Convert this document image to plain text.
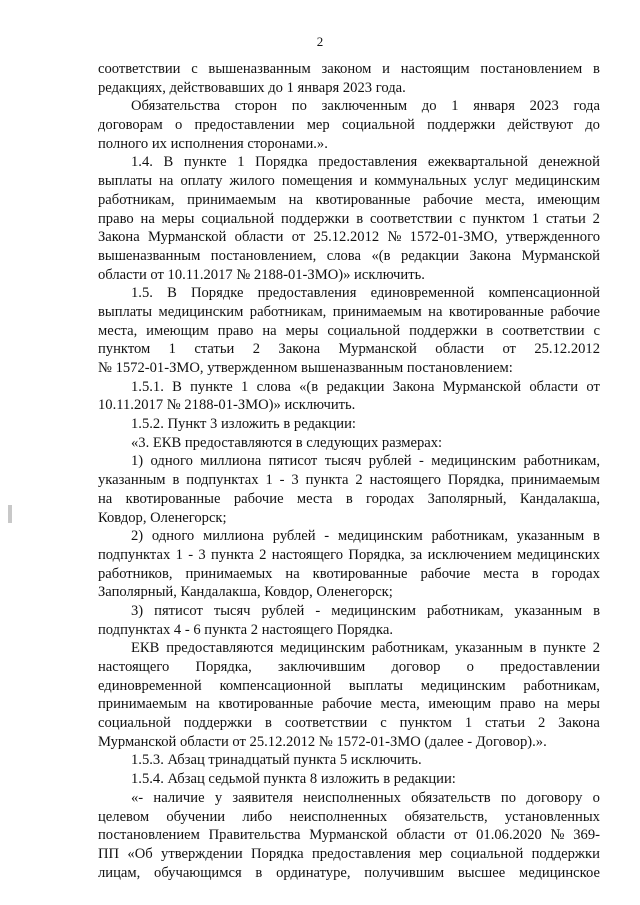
2
соответствии с вышеназванным законом и настоящим постановлением в
редакциях, действовавших до 1 января 2023 года.
Обязательства сторон по заключенным до 1 января 2023 года
договорам о предоставлении мер социальной поддержки действуют до
полного их исполнения сторонами.».
1.4. В пункте 1 Порядка предоставления ежеквартальной денежной
выплаты на оплату жилого помещения и коммунальных услуг медицинским
работникам, принимаемым на квотированные рабочие места, имеющим
право на меры социальной поддержки в соответствии с пунктом 1 статьи 2
Закона Мурманской области от 25.12.2012 № 1572-01-ЗМО, утвержденного
вышеназванным постановлением, слова «(в редакции Закона Мурманской
области от 10.11.2017 № 2188-01-ЗМО)» исключить.
1.5. В Порядке предоставления единовременной компенсационной
выплаты медицинским работникам, принимаемым на квотированные рабочие
места, имеющим право на меры социальной поддержки в соответствии с
пунктом 1 статьи 2 Закона Мурманской области от 25.12.2012
№ 1572-01-ЗМО, утвержденном вышеназванным постановлением:
1.5.1. В пункте 1 слова «(в редакции Закона Мурманской области от
10.11.2017 № 2188-01-ЗМО)» исключить.
1.5.2. Пункт 3 изложить в редакции:
«3. ЕКВ предоставляются в следующих размерах:
1) одного миллиона пятисот тысяч рублей - медицинским работникам,
указанным в подпунктах 1 - 3 пункта 2 настоящего Порядка, принимаемым
на квотированные рабочие места в городах Заполярный, Кандалакша,
Ковдор, Оленегорск;
2) одного миллиона рублей - медицинским работникам, указанным в
подпунктах 1 - 3 пункта 2 настоящего Порядка, за исключением медицинских
работников, принимаемых на квотированные рабочие места в городах
Заполярный, Кандалакша, Ковдор, Оленегорск;
3) пятисот тысяч рублей - медицинским работникам, указанным в
подпунктах 4 - 6 пункта 2 настоящего Порядка.
ЕКВ предоставляются медицинским работникам, указанным в пункте 2
настоящего Порядка, заключившим договор о предоставлении
единовременной компенсационной выплаты медицинским работникам,
принимаемым на квотированные рабочие места, имеющим право на меры
социальной поддержки в соответствии с пунктом 1 статьи 2 Закона
Мурманской области от 25.12.2012 № 1572-01-ЗМО (далее - Договор).».
1.5.3. Абзац тринадцатый пункта 5 исключить.
1.5.4. Абзац седьмой пункта 8 изложить в редакции:
«- наличие у заявителя неисполненных обязательств по договору о
целевом обучении либо неисполненных обязательств, установленных
постановлением Правительства Мурманской области от 01.06.2020 № 369-
ПП «Об утверждении Порядка предоставления мер социальной поддержки
лицам, обучающимся в ординатуре, получившим высшее медицинское
